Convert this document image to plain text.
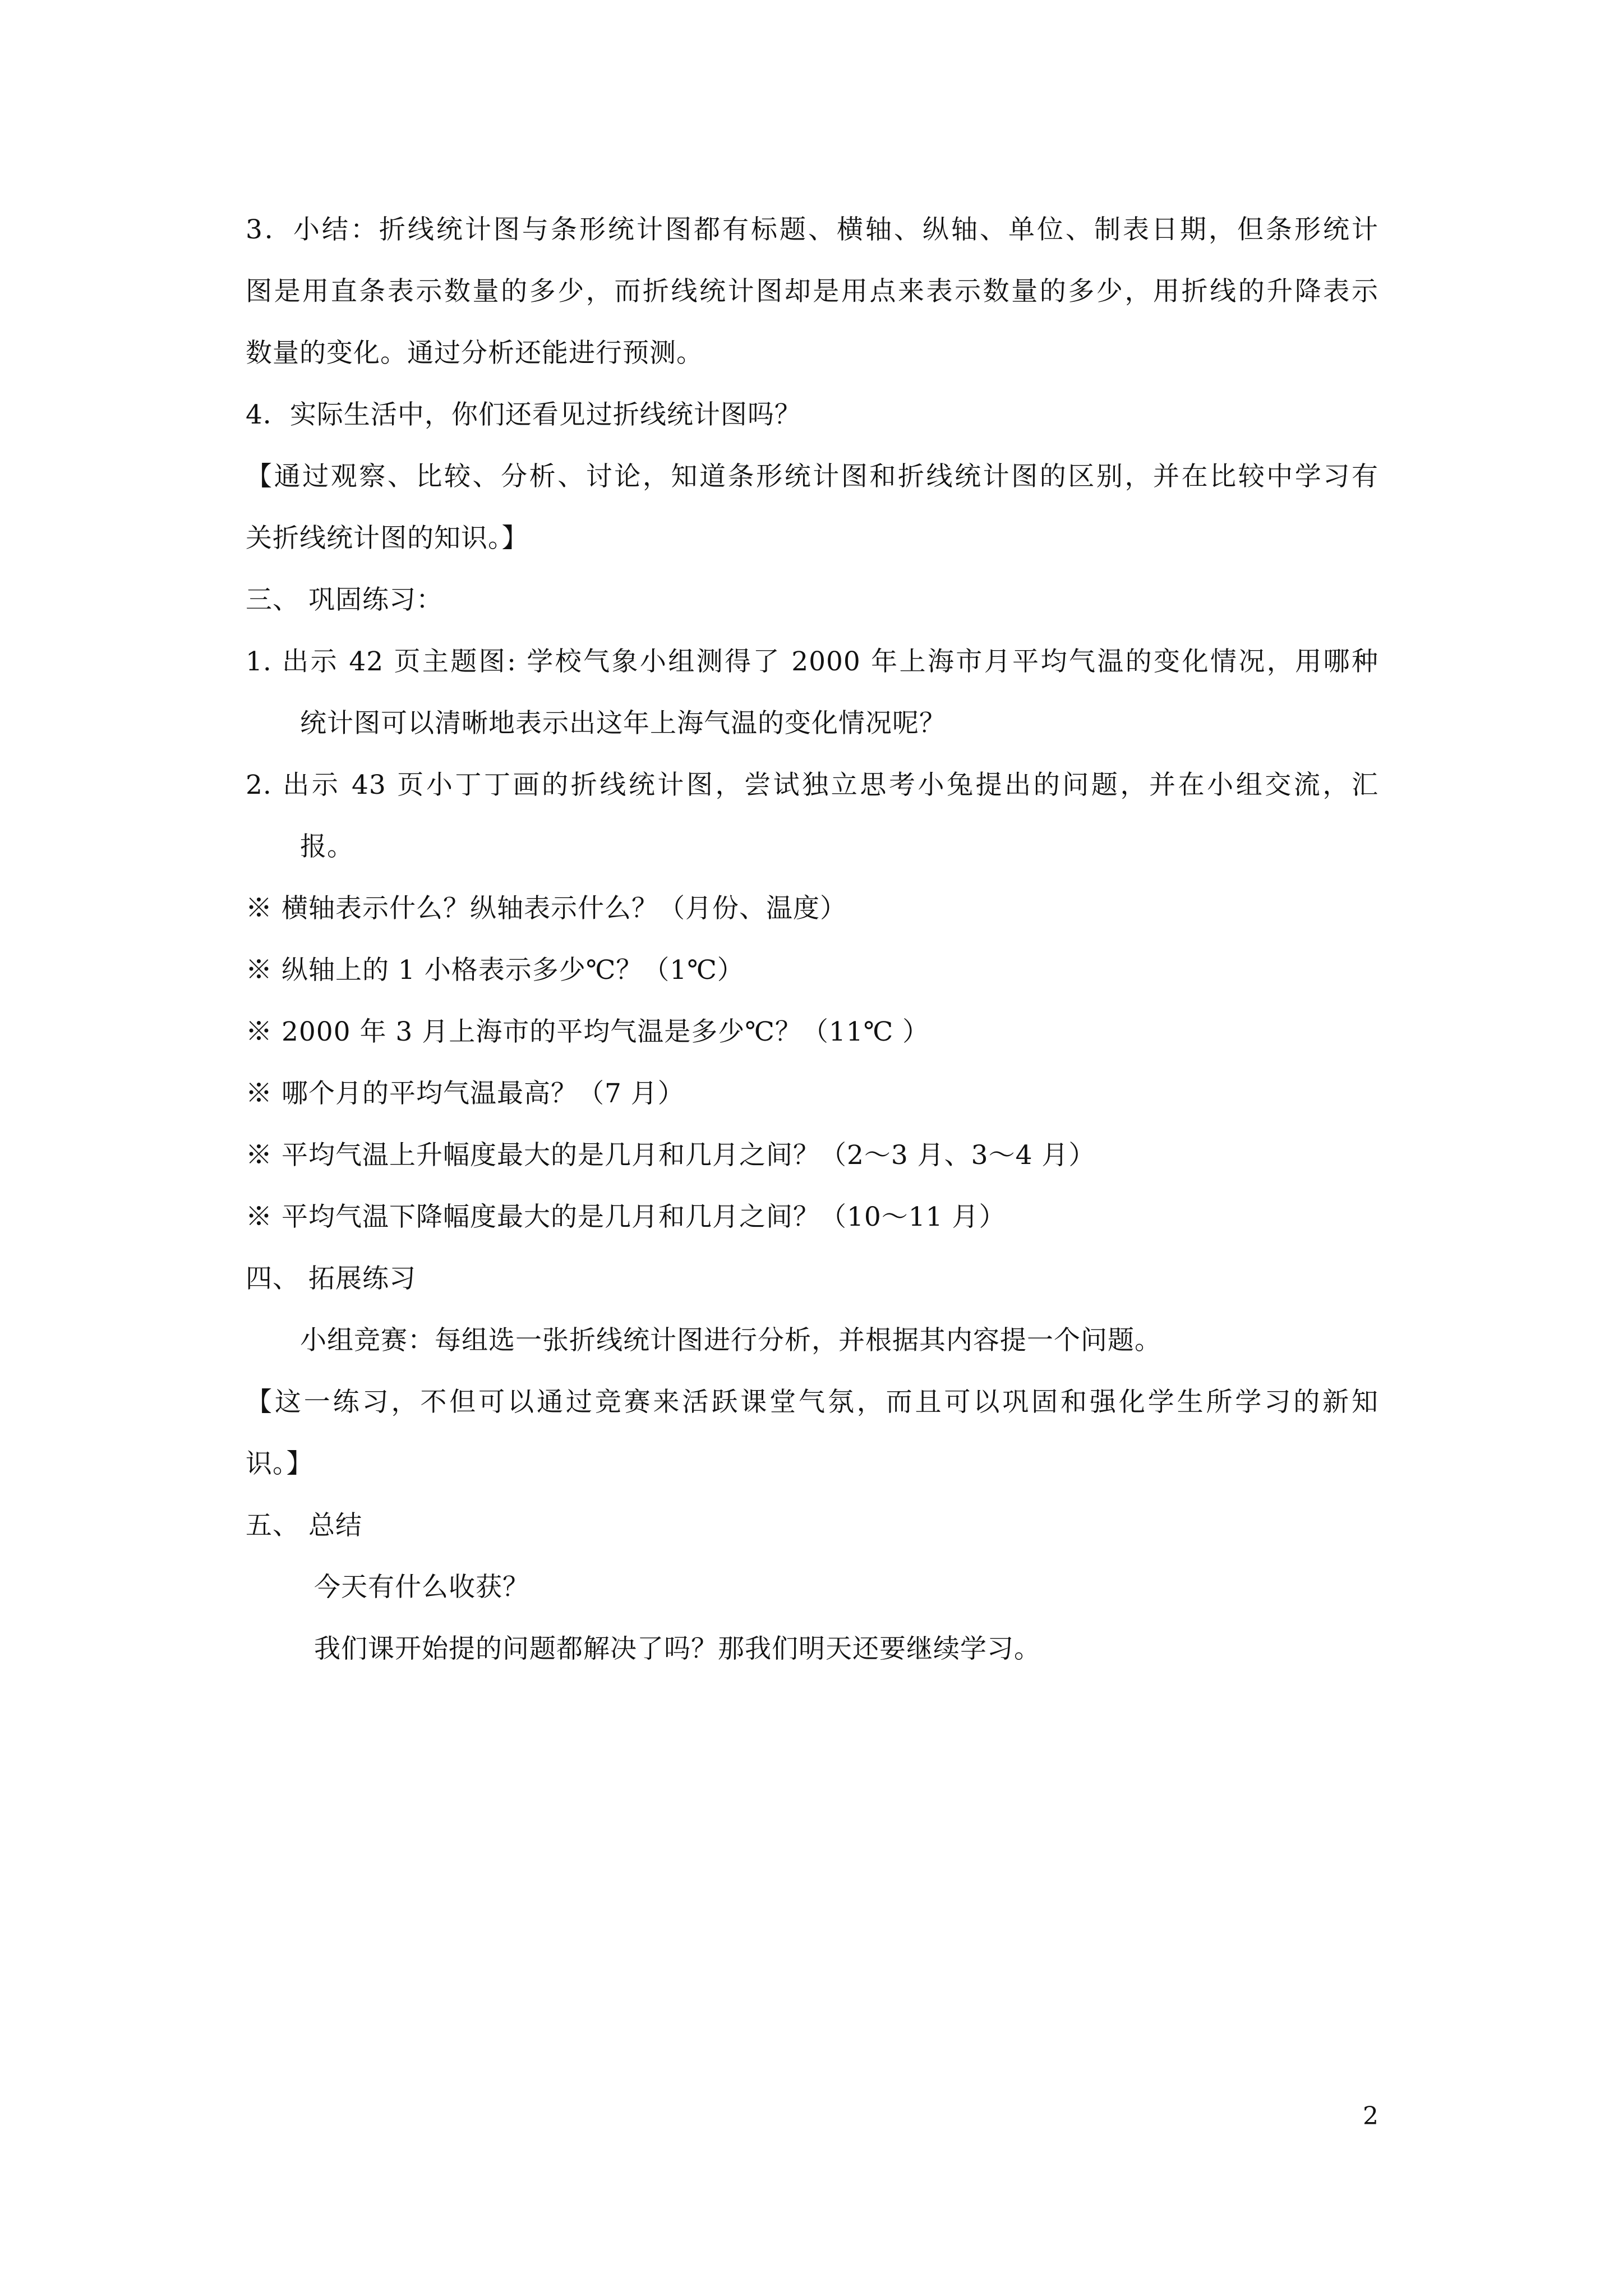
3．小结：折线统计图与条形统计图都有标题、横轴、纵轴、单位、制表日期，但条形统计
图是用直条表示数量的多少，而折线统计图却是用点来表示数量的多少，用折线的升降表示
数量的变化。通过分析还能进行预测。
4．实际生活中，你们还看见过折线统计图吗？
【通过观察、比较、分析、讨论，知道条形统计图和折线统计图的区别，并在比较中学习有
关折线统计图的知识。】
三、 巩固练习：
1. 出示 42 页主题图: 学校气象小组测得了 2000 年上海市月平均气温的变化情况，用哪种
统计图可以清晰地表示出这年上海气温的变化情况呢？
2. 出示 43 页小丁丁画的折线统计图，尝试独立思考小兔提出的问题，并在小组交流，汇
报。
※ 横轴表示什么？纵轴表示什么？（月份、温度）
※ 纵轴上的 1 小格表示多少℃？（1℃）
※ 2000 年 3 月上海市的平均气温是多少℃？（11℃ ）
※ 哪个月的平均气温最高？（7 月）
※ 平均气温上升幅度最大的是几月和几月之间？（2～3 月、3～4 月）
※ 平均气温下降幅度最大的是几月和几月之间？（10～11 月）
四、 拓展练习
小组竞赛：每组选一张折线统计图进行分析，并根据其内容提一个问题。
【这一练习，不但可以通过竞赛来活跃课堂气氛，而且可以巩固和强化学生所学习的新知
识。】
五、 总结
今天有什么收获？
我们课开始提的问题都解决了吗？那我们明天还要继续学习。
2
